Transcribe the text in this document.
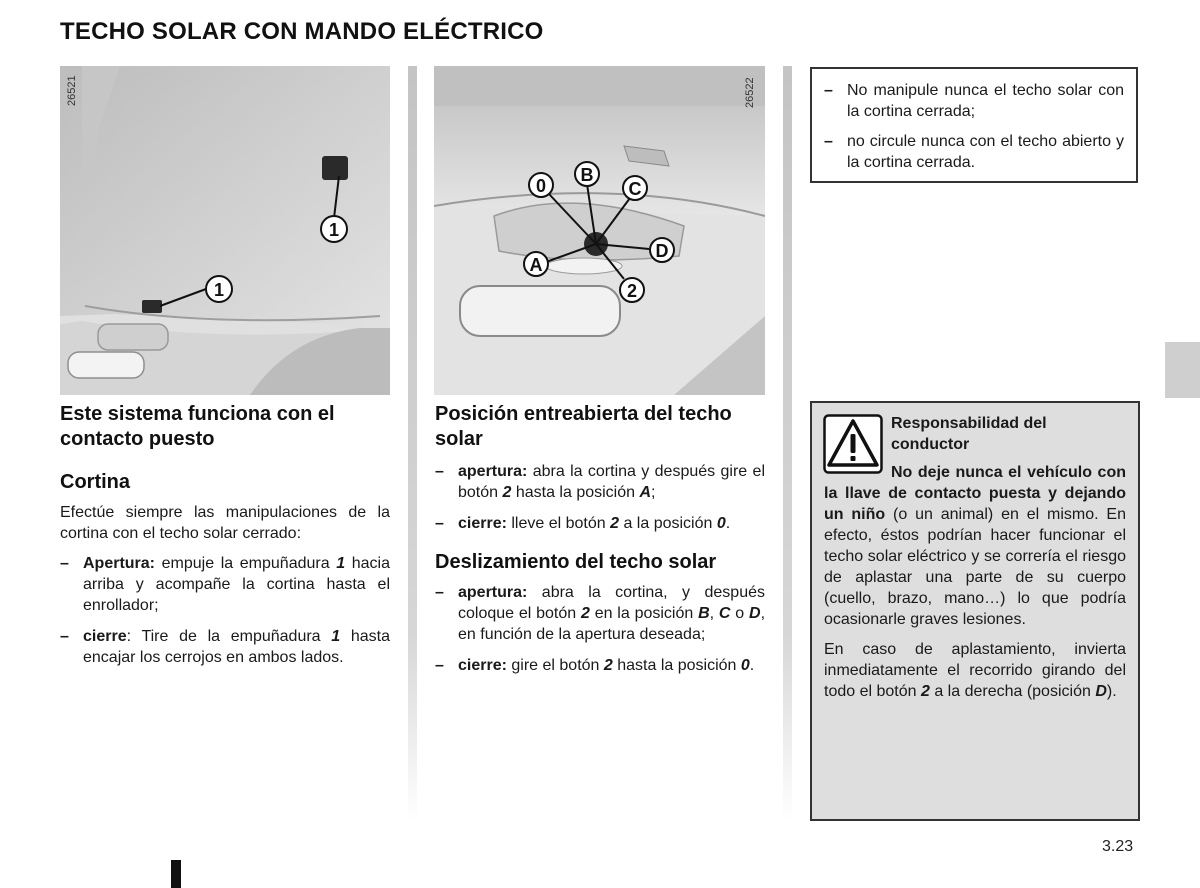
TECHO SOLAR CON MANDO ELÉCTRICO
1
1
26521
0
B
C
D
A
2
26522
Este sistema funciona con el contacto puesto
Cortina

Efectúe siempre las manipulaciones de la cortina con el techo solar cerrado:

– Apertura: empuje la empuñadura 1 hacia arriba y acompañe la cortina hasta el enrollador;
– cierre: Tire de la empuñadura 1 hasta encajar los cerrojos en ambos lados.
Posición entreabierta del techo solar
– apertura: abra la cortina y después gire el botón 2 hasta la posición A;
– cierre: lleve el botón 2 a la posición 0.
Deslizamiento del techo solar
– apertura: abra la cortina, y después coloque el botón 2 en la posición B, C o D, en función de la apertura deseada;
– cierre: gire el botón 2 hasta la posición 0.
– No manipule nunca el techo solar con la cortina cerrada;
– no circule nunca con el techo abierto y la cortina cerrada.
Responsabilidad del conductor

No deje nunca el vehículo con la llave de contacto puesta y dejando un niño (o un animal) en el mismo. En efecto, éstos podrían hacer funcionar el techo solar eléctrico y se correría el riesgo de aplastar una parte de su cuerpo (cuello, brazo, mano…) lo que podría ocasionarle graves lesiones.

En caso de aplastamiento, invierta inmediatamente el recorrido girando del todo el botón 2 a la derecha (posición D).

3.23
